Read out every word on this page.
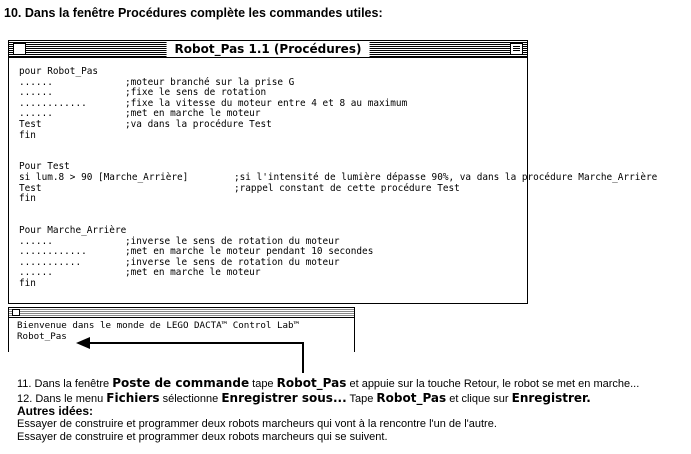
10. Dans la fenêtre Procédures complète les commandes utiles:
Robot_Pas 1.1 (Procédures)
pour Robot_Pas
......	;moteur branché sur la prise G
......	;fixe le sens de rotation
............	;fixe la vitesse du moteur entre 4 et 8 au maximum
......	;met en marche le moteur
Test	;va dans la procédure Test
fin
Pour Test
si lum.8 > 90 [Marche_Arrière]	;si l'intensité de lumière dépasse 90%, va dans la procédure Marche_Arrière
Test	;rappel constant de cette procédure Test
fin
Pour Marche_Arrière
......	;inverse le sens de rotation du moteur
............	;met en marche le moteur pendant 10 secondes
...........	;inverse le sens de rotation du moteur
......	;met en marche le moteur
fin
Bienvenue dans le monde de LEGO DACTA™ Control Lab™
Robot_Pas
11. Dans la fenêtre Poste de commande tape Robot_Pas et appuie sur la touche Retour, le robot se met en marche...
12. Dans le menu Fichiers sélectionne Enregistrer sous... Tape Robot_Pas et clique sur Enregistrer.
Autres idées:
Essayer de construire et programmer deux robots marcheurs qui vont à la rencontre l'un de l'autre.
Essayer de construire et programmer deux robots marcheurs qui se suivent.
